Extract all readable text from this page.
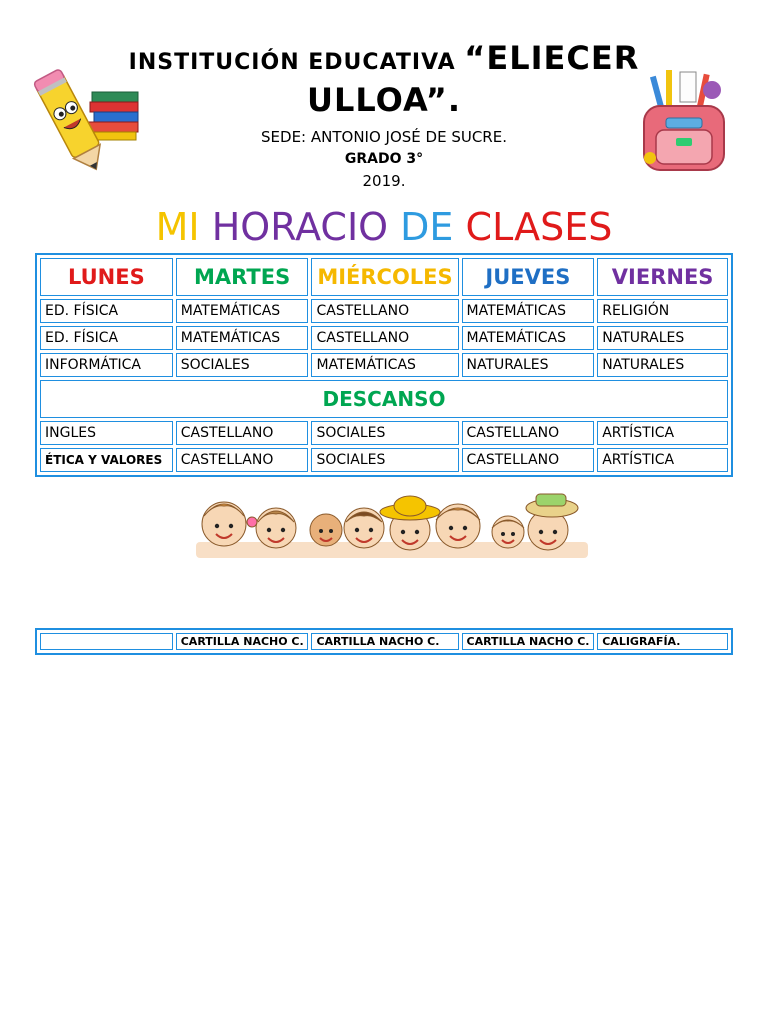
INSTITUCIÓN EDUCATIVA “ELIECER
ULLOA”.
SEDE: ANTONIO JOSÉ DE SUCRE.
GRADO 3°
2019.
MI HORACIO DE CLASES
LUNES	MARTES	MIÉRCOLES	JUEVES	VIERNES
ED. FÍSICA	MATEMÁTICAS	CASTELLANO	MATEMÁTICAS	RELIGIÓN
ED. FÍSICA	MATEMÁTICAS	CASTELLANO	MATEMÁTICAS	NATURALES
INFORMÁTICA	SOCIALES	MATEMÁTICAS	NATURALES	NATURALES
DESCANSO				
INGLES	CASTELLANO	SOCIALES	CASTELLANO	ARTÍSTICA
ÉTICA Y VALORES	CASTELLANO	SOCIALES	CASTELLANO	ARTÍSTICA
	CARTILLA NACHO C.	CARTILLA NACHO C.	CARTILLA NACHO C.	CALIGRAFÍA.
